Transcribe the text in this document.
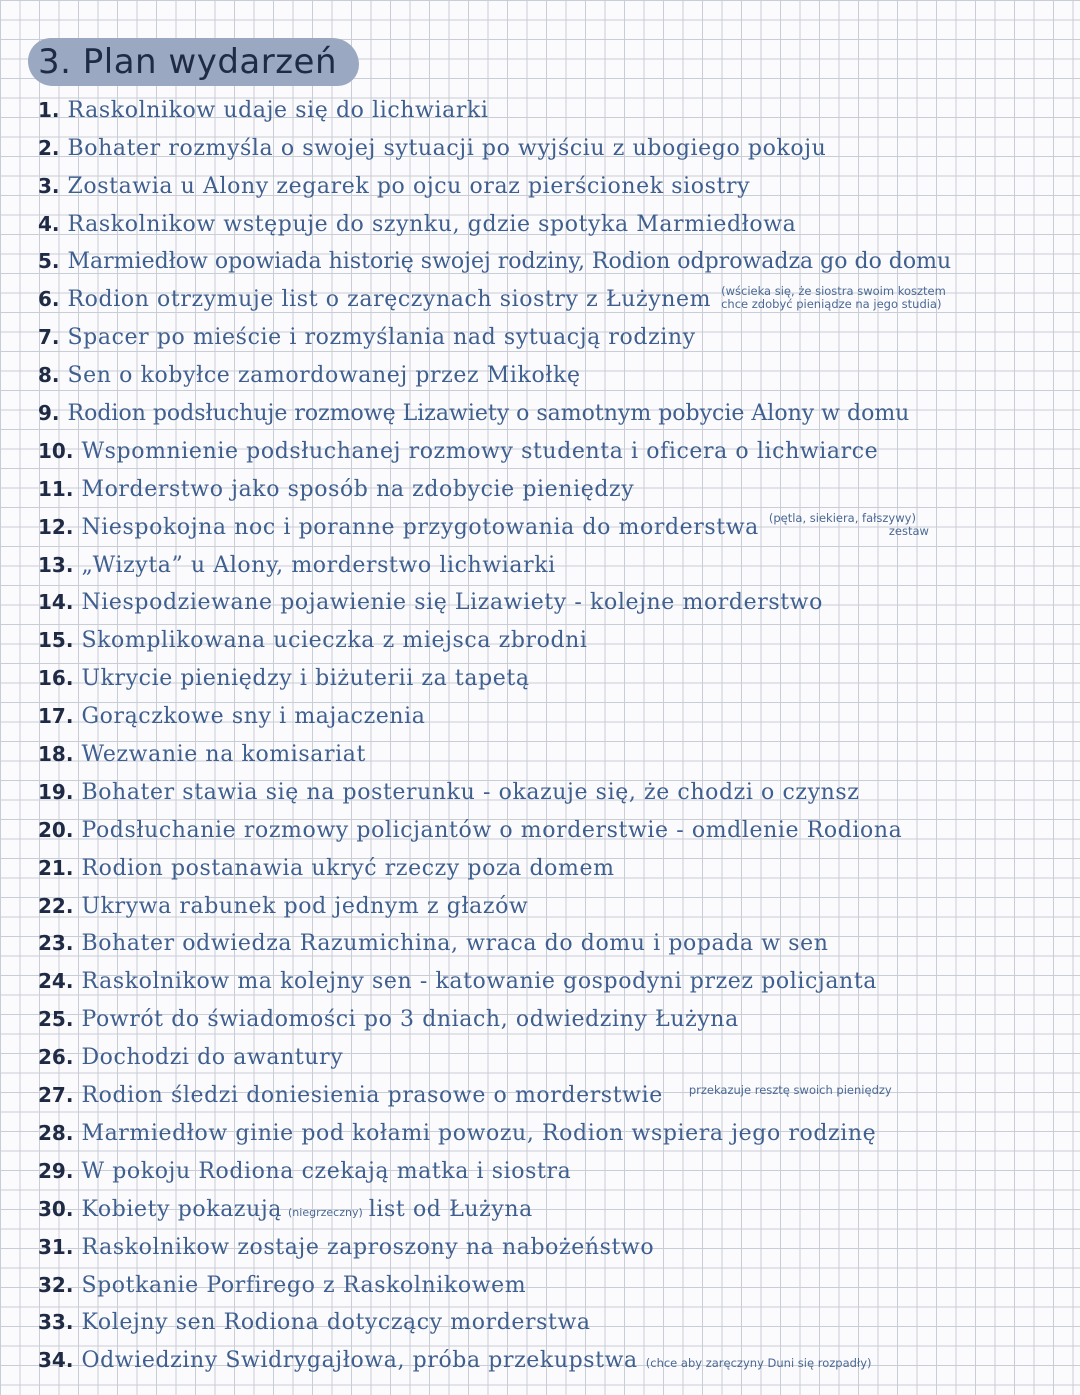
3. Plan wydarzeń
1. Raskolnikow udaje się do lichwiarki
2. Bohater rozmyśla o swojej sytuacji po wyjściu z ubogiego pokoju
3. Zostawia u Alony zegarek po ojcu oraz pierścionek siostry
4. Raskolnikow wstępuje do szynku, gdzie spotyka Marmiedłowa
5. Marmiedłow opowiada historię swojej rodziny, Rodion odprowadza go do domu
6. Rodion otrzymuje list o zaręczynach siostry z Łużynem (wścieka się, że siostra swoim kosztem
chce zdobyć pieniądze na jego studia)
7. Spacer po mieście i rozmyślania nad sytuacją rodziny
8. Sen o kobyłce zamordowanej przez Mikołkę
9. Rodion podsłuchuje rozmowę Lizawiety o samotnym pobycie Alony w domu
10. Wspomnienie podsłuchanej rozmowy studenta i oficera o lichwiarce
11. Morderstwo jako sposób na zdobycie pieniędzy
12. Niespokojna noc i poranne przygotowania do morderstwa (pętla, siekiera, fałszywy)
zestaw
13. „Wizyta” u Alony, morderstwo lichwiarki
14. Niespodziewane pojawienie się Lizawiety - kolejne morderstwo
15. Skomplikowana ucieczka z miejsca zbrodni
16. Ukrycie pieniędzy i biżuterii za tapetą
17. Gorączkowe sny i majaczenia
18. Wezwanie na komisariat
19. Bohater stawia się na posterunku - okazuje się, że chodzi o czynsz
20. Podsłuchanie rozmowy policjantów o morderstwie - omdlenie Rodiona
21. Rodion postanawia ukryć rzeczy poza domem
22. Ukrywa rabunek pod jednym z głazów
23. Bohater odwiedza Razumichina, wraca do domu i popada w sen
24. Raskolnikow ma kolejny sen - katowanie gospodyni przez policjanta
25. Powrót do świadomości po 3 dniach, odwiedziny Łużyna
26. Dochodzi do awantury
27. Rodion śledzi doniesienia prasowe o morderstwie przekazuje resztę swoich pieniędzy
28. Marmiedłow ginie pod kołami powozu, Rodion wspiera jego rodzinę
29. W pokoju Rodiona czekają matka i siostra
30. Kobiety pokazują (niegrzeczny) list od Łużyna
31. Raskolnikow zostaje zaproszony na nabożeństwo
32. Spotkanie Porfirego z Raskolnikowem
33. Kolejny sen Rodiona dotyczący morderstwa
34. Odwiedziny Swidrygajłowa, próba przekupstwa (chce aby zaręczyny Duni się rozpadły)
